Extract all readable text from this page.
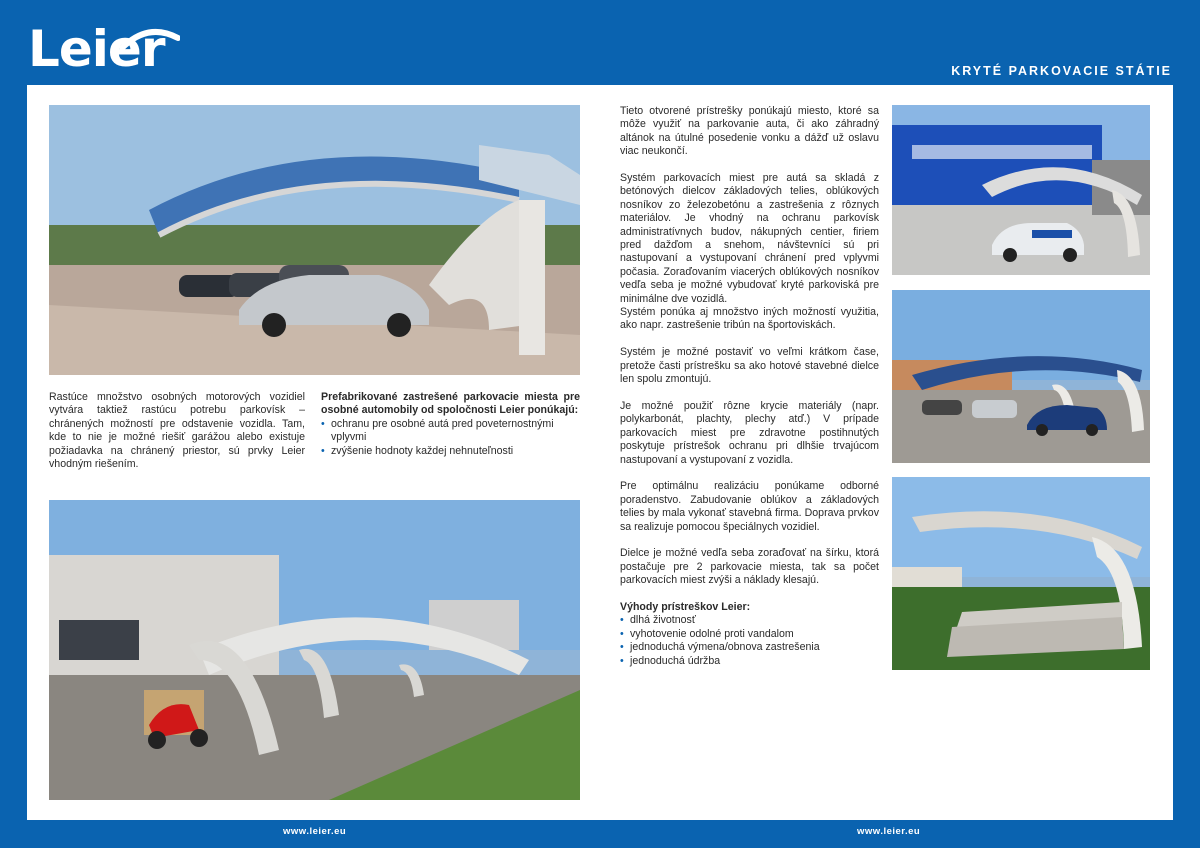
Leier	KRYTÉ PARKOVACIE STÁTIE

Rastúce množstvo osobných motorových vozidiel vytvára taktiež rastúcu potrebu parkovísk – chránených možností pre odstavenie vozidla. Tam, kde to nie je možné riešiť garážou alebo existuje požiadavka na chránený priestor, sú prvky Leier vhodným riešením.

Prefabrikované zastrešené parkovacie miesta pre osobné automobily od spoločnosti Leier ponúkajú:

• ochranu pre osobné autá pred poveternostnými vplyvmi
• zvýšenie hodnoty každej nehnuteľnosti

Tieto otvorené prístrešky ponúkajú miesto, ktoré sa môže využiť na parkovanie auta, či ako záhradný altánok na útulné posedenie vonku a dážď už oslavu viac neukončí.

Systém parkovacích miest pre autá sa skladá z betónových dielcov základových telies, oblúkových nosníkov zo železobetónu a zastrešenia z rôznych materiálov. Je vhodný na ochranu parkovísk administratívnych budov, nákupných centier, firiem pred dažďom a snehom, návštevníci sú pri nastupovaní a vystupovaní chránení pred vplyvmi počasia. Zoraďovaním viacerých oblúkových nosníkov vedľa seba je možné vybudovať kryté parkoviská pre minimálne dve vozidlá.

Systém ponúka aj množstvo iných možností využitia, ako napr. zastrešenie tribún na športoviskách.

Systém je možné postaviť vo veľmi krátkom čase, pretože časti prístrešku sa ako hotové stavebné dielce len spolu zmontujú.

Je možné použiť rôzne krycie materiály (napr. polykarbonát, plachty, plechy atď.) V prípade parkovacích miest pre zdravotne postihnutých poskytuje prístrešok ochranu pri dlhšie trvajúcom nastupovaní a vystupovaní z vozidla.

Pre optimálnu realizáciu ponúkame odborné poradenstvo. Zabudovanie oblúkov a základových telies by mala vykonať stavebná firma. Doprava prvkov sa realizuje pomocou špeciálnych vozidiel.

Dielce je možné vedľa seba zoraďovať na šírku, ktorá postačuje pre 2 parkovacie miesta, tak sa počet parkovacích miest zvýši a náklady klesajú.

Výhody prístreškov Leier:

• dlhá životnosť
• vyhotovenie odolné proti vandalom
• jednoduchá výmena/obnova zastrešenia
• jednoduchá údržba
www.leier.eu	www.leier.eu
